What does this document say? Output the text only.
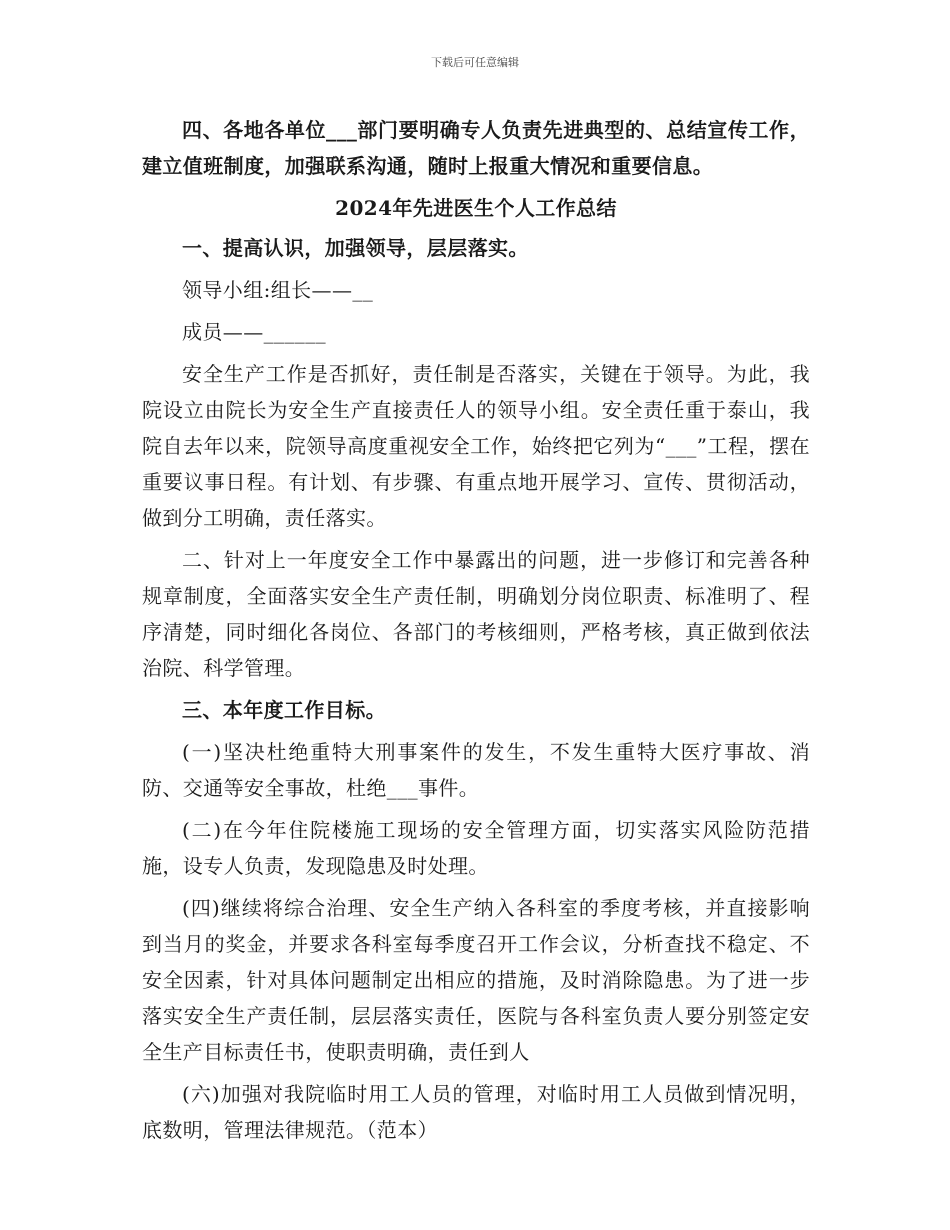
下载后可任意编辑

四、各地各单位___部门要明确专人负责先进典型的、总结宣传工作，建立值班制度，加强联系沟通，随时上报重大情况和重要信息。

2024年先进医生个人工作总结

一、提高认识，加强领导，层层落实。

领导小组:组长——__

成员——______

安全生产工作是否抓好，责任制是否落实，关键在于领导。为此，我院设立由院长为安全生产直接责任人的领导小组。安全责任重于泰山，我院自去年以来，院领导高度重视安全工作，始终把它列为“___”工程，摆在重要议事日程。有计划、有步骤、有重点地开展学习、宣传、贯彻活动，做到分工明确，责任落实。

二、针对上一年度安全工作中暴露出的问题，进一步修订和完善各种规章制度，全面落实安全生产责任制，明确划分岗位职责、标准明了、程序清楚，同时细化各岗位、各部门的考核细则，严格考核，真正做到依法治院、科学管理。

三、本年度工作目标。

(一)坚决杜绝重特大刑事案件的发生，不发生重特大医疗事故、消防、交通等安全事故，杜绝___事件。

(二)在今年住院楼施工现场的安全管理方面，切实落实风险防范措施，设专人负责，发现隐患及时处理。

(四)继续将综合治理、安全生产纳入各科室的季度考核，并直接影响到当月的奖金，并要求各科室每季度召开工作会议，分析查找不稳定、不安全因素，针对具体问题制定出相应的措施，及时消除隐患。为了进一步落实安全生产责任制，层层落实责任，医院与各科室负责人要分别签定安全生产目标责任书，使职责明确，责任到人

(六)加强对我院临时用工人员的管理，对临时用工人员做到情况明，底数明，管理法律规范。（范本）
